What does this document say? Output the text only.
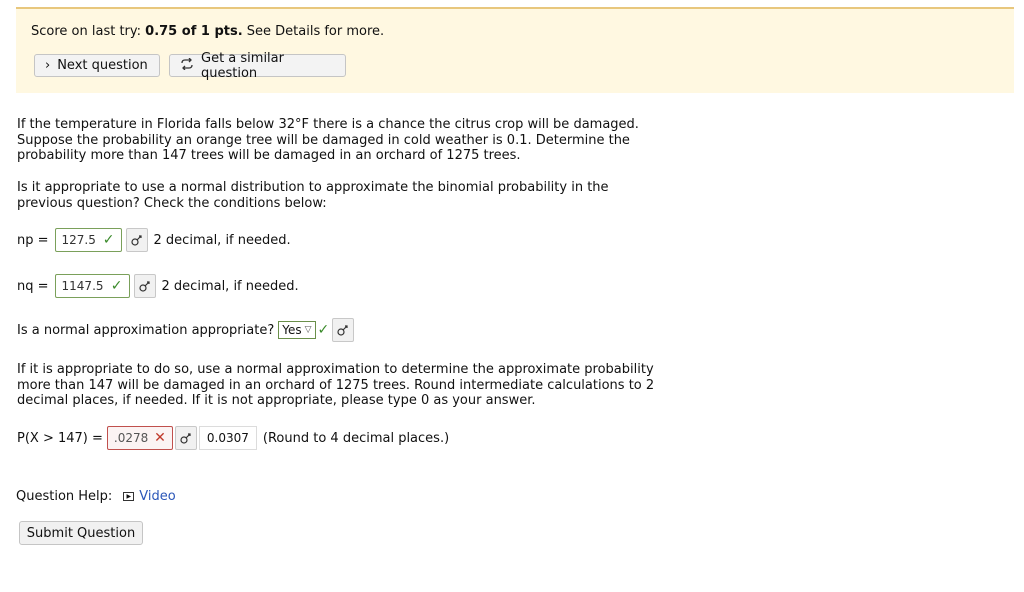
Score on last try: 0.75 of 1 pts. See Details for more.
› Next question	Get a similar question
If the temperature in Florida falls below 32°F there is a chance the citrus crop will be damaged. Suppose the probability an orange tree will be damaged in cold weather is 0.1. Determine the probability more than 147 trees will be damaged in an orchard of 1275 trees.
Is it appropriate to use a normal distribution to approximate the binomial probability in the previous question? Check the conditions below:
np = 127.5 ✓	2 decimal, if needed.
nq = 1147.5 ✓	2 decimal, if needed.
Is a normal approximation appropriate? Yes ▽ ✓
If it is appropriate to do so, use a normal approximation to determine the approximate probability more than 147 will be damaged in an orchard of 1275 trees. Round intermediate calculations to 2 decimal places, if needed. If it is not appropriate, please type 0 as your answer.
P(X > 147) = .0278 ✕	0.0307 (Round to 4 decimal places.)
Question Help:	▶ Video
Submit Question
